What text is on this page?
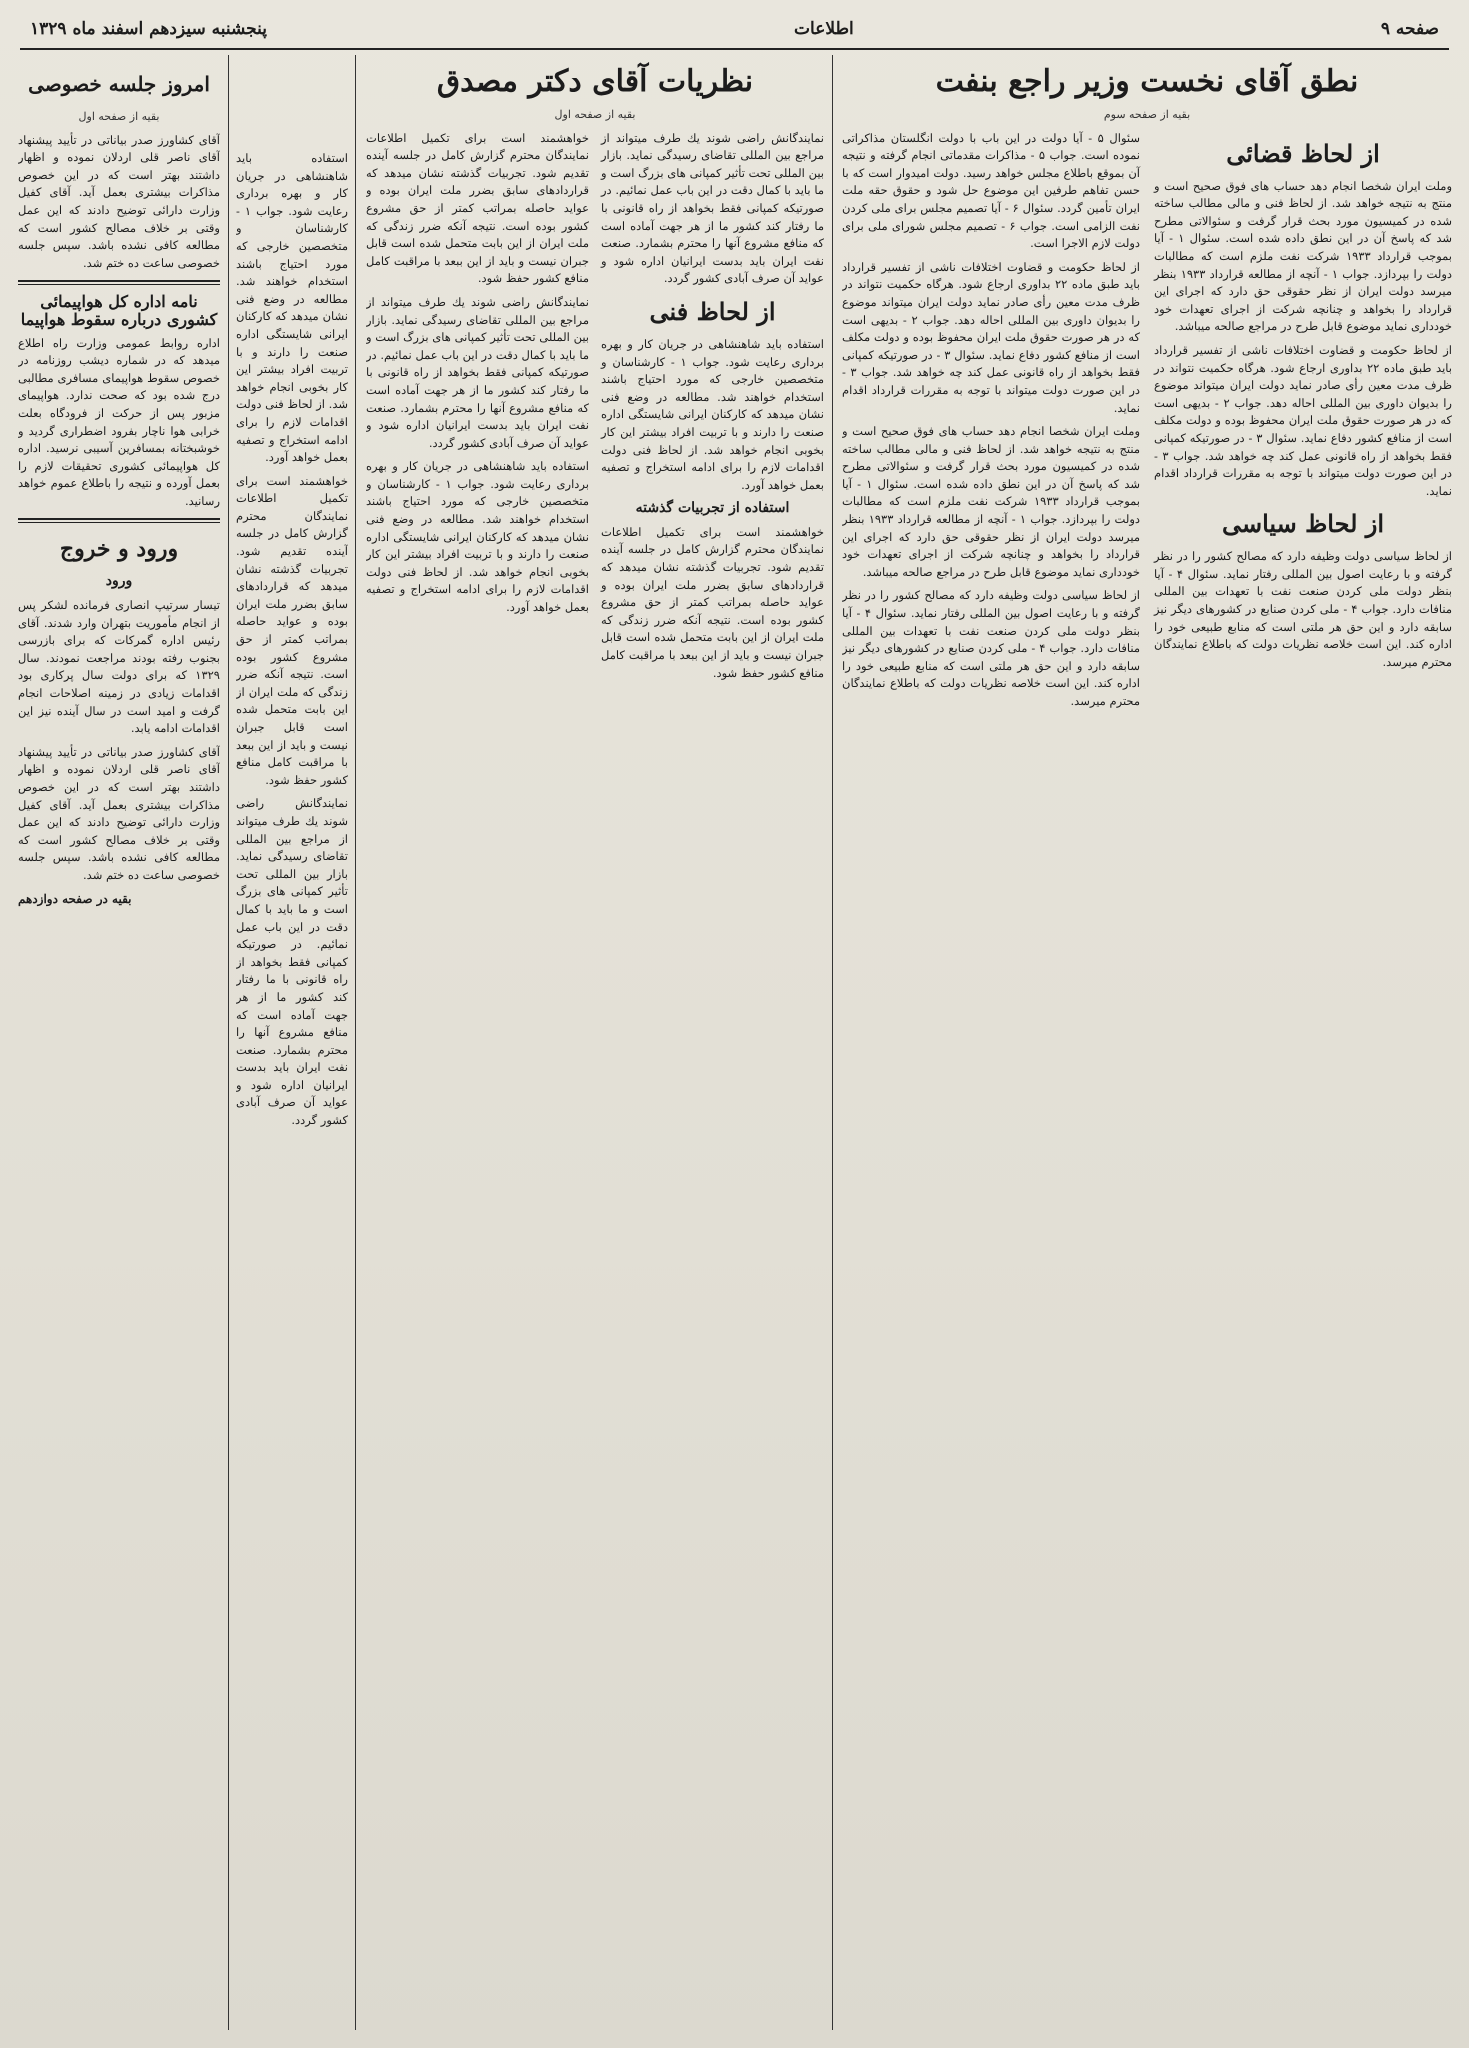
صفحه ۹
اطلاعات
پنجشنبه سیزدهم اسفند ماه ۱۳۲۹
نطق آقای نخست وزیر راجع بنفت
بقیه از صفحه سوم
از لحاظ قضائی

وملت ایران شخصا انجام دهد حساب های فوق صحیح است و منتج به نتیجه خواهد شد. از لحاظ فنی و مالی مطالب ساخته شده در کمیسیون مورد بحث قرار گرفت و سئوالاتی مطرح شد که پاسخ آن در این نطق داده شده است. سئوال ۱ - آیا بموجب قرارداد ۱۹۳۳ شرکت نفت ملزم است که مطالبات دولت را بپردازد. جواب ۱ - آنچه از مطالعه قرارداد ۱۹۳۳ بنظر میرسد دولت ایران از نظر حقوقی حق دارد که اجرای این قرارداد را بخواهد و چنانچه شرکت از اجرای تعهدات خود خودداری نماید موضوع قابل طرح در مراجع صالحه میباشد.

از لحاظ حکومت و قضاوت اختلافات ناشی از تفسیر قرارداد باید طبق ماده ۲۲ بداوری ارجاع شود. هرگاه حکمیت نتواند در ظرف مدت معین رأی صادر نماید دولت ایران میتواند موضوع را بدیوان داوری بین المللی احاله دهد. جواب ۲ - بدیهی است که در هر صورت حقوق ملت ایران محفوظ بوده و دولت مکلف است از منافع کشور دفاع نماید. سئوال ۳ - در صورتیکه کمپانی فقط بخواهد از راه قانونی عمل کند چه خواهد شد. جواب ۳ - در این صورت دولت میتواند با توجه به مقررات قرارداد اقدام نماید.

از لحاظ سیاسی

از لحاظ سیاسی دولت وظیفه دارد که مصالح کشور را در نظر گرفته و با رعایت اصول بین المللی رفتار نماید. سئوال ۴ - آیا بنظر دولت ملی کردن صنعت نفت با تعهدات بین المللی منافات دارد. جواب ۴ - ملی کردن صنایع در کشورهای دیگر نیز سابقه دارد و این حق هر ملتی است که منابع طبیعی خود را اداره کند. این است خلاصه نظریات دولت که باطلاع نمایندگان محترم میرسد.

سئوال ۵ - آیا دولت در این باب با دولت انگلستان مذاکراتی نموده است. جواب ۵ - مذاکرات مقدماتی انجام گرفته و نتیجه آن بموقع باطلاع مجلس خواهد رسید. دولت امیدوار است که با حسن تفاهم طرفین این موضوع حل شود و حقوق حقه ملت ایران تأمین گردد. سئوال ۶ - آیا تصمیم مجلس برای ملی کردن نفت الزامی است. جواب ۶ - تصمیم مجلس شورای ملی برای دولت لازم الاجرا است.

از لحاظ حکومت و قضاوت اختلافات ناشی از تفسیر قرارداد باید طبق ماده ۲۲ بداوری ارجاع شود. هرگاه حکمیت نتواند در ظرف مدت معین رأی صادر نماید دولت ایران میتواند موضوع را بدیوان داوری بین المللی احاله دهد. جواب ۲ - بدیهی است که در هر صورت حقوق ملت ایران محفوظ بوده و دولت مکلف است از منافع کشور دفاع نماید. سئوال ۳ - در صورتیکه کمپانی فقط بخواهد از راه قانونی عمل کند چه خواهد شد. جواب ۳ - در این صورت دولت میتواند با توجه به مقررات قرارداد اقدام نماید.

وملت ایران شخصا انجام دهد حساب های فوق صحیح است و منتج به نتیجه خواهد شد. از لحاظ فنی و مالی مطالب ساخته شده در کمیسیون مورد بحث قرار گرفت و سئوالاتی مطرح شد که پاسخ آن در این نطق داده شده است. سئوال ۱ - آیا بموجب قرارداد ۱۹۳۳ شرکت نفت ملزم است که مطالبات دولت را بپردازد. جواب ۱ - آنچه از مطالعه قرارداد ۱۹۳۳ بنظر میرسد دولت ایران از نظر حقوقی حق دارد که اجرای این قرارداد را بخواهد و چنانچه شرکت از اجرای تعهدات خود خودداری نماید موضوع قابل طرح در مراجع صالحه میباشد.

از لحاظ سیاسی دولت وظیفه دارد که مصالح کشور را در نظر گرفته و با رعایت اصول بین المللی رفتار نماید. سئوال ۴ - آیا بنظر دولت ملی کردن صنعت نفت با تعهدات بین المللی منافات دارد. جواب ۴ - ملی کردن صنایع در کشورهای دیگر نیز سابقه دارد و این حق هر ملتی است که منابع طبیعی خود را اداره کند. این است خلاصه نظریات دولت که باطلاع نمایندگان محترم میرسد.

نظریات آقای دکتر مصدق
بقیه از صفحه اول

نمایندگانش راضی شوند یك طرف میتواند از مراجع بین المللی تقاضای رسیدگی نماید. بازار بین المللی تحت تأثیر کمپانی های بزرگ است و ما باید با کمال دقت در این باب عمل نمائیم. در صورتیکه کمپانی فقط بخواهد از راه قانونی با ما رفتار کند کشور ما از هر جهت آماده است که منافع مشروع آنها را محترم بشمارد. صنعت نفت ایران باید بدست ایرانیان اداره شود و عواید آن صرف آبادی کشور گردد.

از لحاظ فنی

استفاده باید شاهنشاهی در جریان کار و بهره برداری رعایت شود. جواب ۱ - کارشناسان و متخصصین خارجی که مورد احتیاج باشند استخدام خواهند شد. مطالعه در وضع فنی نشان میدهد که کارکنان ایرانی شایستگی اداره صنعت را دارند و با تربیت افراد بیشتر این کار بخوبی انجام خواهد شد. از لحاظ فنی دولت اقدامات لازم را برای ادامه استخراج و تصفیه بعمل خواهد آورد.

استفاده از تجربیات گذشته

خواهشمند است برای تکمیل اطلاعات نمایندگان محترم گزارش کامل در جلسه آینده تقدیم شود. تجربیات گذشته نشان میدهد که قراردادهای سابق بضرر ملت ایران بوده و عواید حاصله بمراتب کمتر از حق مشروع کشور بوده است. نتیجه آنکه ضرر زندگی که ملت ایران از این بابت متحمل شده است قابل جبران نیست و باید از این ببعد با مراقبت کامل منافع کشور حفظ شود.

خواهشمند است برای تکمیل اطلاعات نمایندگان محترم گزارش کامل در جلسه آینده تقدیم شود. تجربیات گذشته نشان میدهد که قراردادهای سابق بضرر ملت ایران بوده و عواید حاصله بمراتب کمتر از حق مشروع کشور بوده است. نتیجه آنکه ضرر زندگی که ملت ایران از این بابت متحمل شده است قابل جبران نیست و باید از این ببعد با مراقبت کامل منافع کشور حفظ شود.

نمایندگانش راضی شوند یك طرف میتواند از مراجع بین المللی تقاضای رسیدگی نماید. بازار بین المللی تحت تأثیر کمپانی های بزرگ است و ما باید با کمال دقت در این باب عمل نمائیم. در صورتیکه کمپانی فقط بخواهد از راه قانونی با ما رفتار کند کشور ما از هر جهت آماده است که منافع مشروع آنها را محترم بشمارد. صنعت نفت ایران باید بدست ایرانیان اداره شود و عواید آن صرف آبادی کشور گردد.

استفاده باید شاهنشاهی در جریان کار و بهره برداری رعایت شود. جواب ۱ - کارشناسان و متخصصین خارجی که مورد احتیاج باشند استخدام خواهند شد. مطالعه در وضع فنی نشان میدهد که کارکنان ایرانی شایستگی اداره صنعت را دارند و با تربیت افراد بیشتر این کار بخوبی انجام خواهد شد. از لحاظ فنی دولت اقدامات لازم را برای ادامه استخراج و تصفیه بعمل خواهد آورد.

استفاده باید شاهنشاهی در جریان کار و بهره برداری رعایت شود. جواب ۱ - کارشناسان و متخصصین خارجی که مورد احتیاج باشند استخدام خواهند شد. مطالعه در وضع فنی نشان میدهد که کارکنان ایرانی شایستگی اداره صنعت را دارند و با تربیت افراد بیشتر این کار بخوبی انجام خواهد شد. از لحاظ فنی دولت اقدامات لازم را برای ادامه استخراج و تصفیه بعمل خواهد آورد.

خواهشمند است برای تکمیل اطلاعات نمایندگان محترم گزارش کامل در جلسه آینده تقدیم شود. تجربیات گذشته نشان میدهد که قراردادهای سابق بضرر ملت ایران بوده و عواید حاصله بمراتب کمتر از حق مشروع کشور بوده است. نتیجه آنکه ضرر زندگی که ملت ایران از این بابت متحمل شده است قابل جبران نیست و باید از این ببعد با مراقبت کامل منافع کشور حفظ شود.

نمایندگانش راضی شوند یك طرف میتواند از مراجع بین المللی تقاضای رسیدگی نماید. بازار بین المللی تحت تأثیر کمپانی های بزرگ است و ما باید با کمال دقت در این باب عمل نمائیم. در صورتیکه کمپانی فقط بخواهد از راه قانونی با ما رفتار کند کشور ما از هر جهت آماده است که منافع مشروع آنها را محترم بشمارد. صنعت نفت ایران باید بدست ایرانیان اداره شود و عواید آن صرف آبادی کشور گردد.

امروز جلسه خصوصی
بقیه از صفحه اول

آقای کشاورز صدر بیاناتی در تأیید پیشنهاد آقای ناصر قلی اردلان نموده و اظهار داشتند بهتر است که در این خصوص مذاکرات بیشتری بعمل آید. آقای کفیل وزارت دارائی توضیح دادند که این عمل وقتی بر خلاف مصالح کشور است که مطالعه کافی نشده باشد. سپس جلسه خصوصی ساعت ده ختم شد.

نامه اداره کل هواپیمائی کشوری درباره سقوط هواپیما

اداره روابط عمومی وزارت راه اطلاع میدهد که در شماره دیشب روزنامه در خصوص سقوط هواپیمای مسافری مطالبی درج شده بود که صحت ندارد. هواپیمای مزبور پس از حرکت از فرودگاه بعلت خرابی هوا ناچار بفرود اضطراری گردید و خوشبختانه بمسافرین آسیبی نرسید. اداره کل هواپیمائی کشوری تحقیقات لازم را بعمل آورده و نتیجه را باطلاع عموم خواهد رسانید.

ورود و خروج
ورود

تیسار سرتیپ انصاری فرمانده لشکر پس از انجام مأموریت بتهران وارد شدند. آقای رئیس اداره گمرکات که برای بازرسی بجنوب رفته بودند مراجعت نمودند. سال ۱۳۲۹ که برای دولت سال پرکاری بود اقدامات زیادی در زمینه اصلاحات انجام گرفت و امید است در سال آینده نیز این اقدامات ادامه یابد.

آقای کشاورز صدر بیاناتی در تأیید پیشنهاد آقای ناصر قلی اردلان نموده و اظهار داشتند بهتر است که در این خصوص مذاکرات بیشتری بعمل آید. آقای کفیل وزارت دارائی توضیح دادند که این عمل وقتی بر خلاف مصالح کشور است که مطالعه کافی نشده باشد. سپس جلسه خصوصی ساعت ده ختم شد.

بقیه در صفحه دوازدهم
